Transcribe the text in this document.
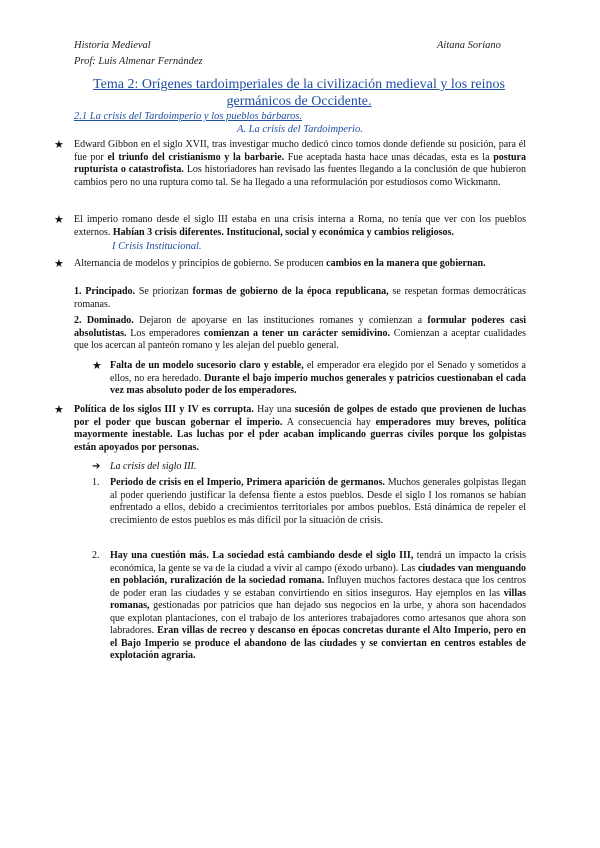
Historia Medieval
Prof: Luis Almenar Fernández
Aitana Soriano
Tema 2: Orígenes tardoimperiales de la civilización medieval y los reinos germánicos de Occidente.
2.1 La crisis del Tardoimperio y los pueblos bárbaros.
A. La crisis del Tardoimperio.
★ Edward Gibbon en el siglo XVII, tras investigar mucho dedicó cinco tomos donde defiende su posición, para él fue por el triunfo del cristianismo y la barbarie. Fue aceptada hasta hace unas décadas, esta es la postura rupturista o catastrofista. Los historiadores han revisado las fuentes llegando a la conclusión de que hubieron cambios pero no una ruptura como tal. Se ha llegado a una reformulación por estudiosos como Wickmann.
★ El imperio romano desde el siglo III estaba en una crisis interna a Roma, no tenía que ver con los pueblos externos. Habían 3 crisis diferentes. Institucional, social y económica y cambios religiosos.
I Crisis Institucional.
★ Alternancia de modelos y principios de gobierno. Se producen cambios en la manera que gobiernan.
1. Principado. Se priorizan formas de gobierno de la época republicana, se respetan formas democráticas romanas.
2. Dominado. Dejaron de apoyarse en las instituciones romanes y comienzan a formular poderes casi absolutistas. Los emperadores comienzan a tener un carácter semidivino. Comienzan a aceptar cualidades que los acercan al panteón romano y les alejan del pueblo general.
★ Falta de un modelo sucesorio claro y estable, el emperador era elegido por el Senado y sometidos a ellos, no era heredado. Durante el bajo imperio muchos generales y patricios cuestionaban el cada vez mas absoluto poder de los emperadores.
★ Política de los siglos III y IV es corrupta. Hay una sucesión de golpes de estado que provienen de luchas por el poder que buscan gobernar el imperio. A consecuencia hay emperadores muy breves, política mayormente inestable. Las luchas por el pder acaban implicando guerras civiles porque los golpistas están apoyados por personas.
➔ La crisis del siglo III.
1. Periodo de crisis en el Imperio, Primera aparición de germanos. Muchos generales golpistas llegan al poder queriendo justificar la defensa fiente a estos pueblos. Desde el siglo I los romanos se habían enfrentado a ellos, debido a crecimientos territoriales por ambos pueblos. Está dinámica de repeler el crecimiento de estos pueblos es más difícil por la situación de crisis.
2. Hay una cuestión más. La sociedad está cambiando desde el siglo III, tendrá un impacto la crisis económica, la gente se va de la ciudad a vivir al campo (éxodo urbano). Las ciudades van menguando en población, ruralización de la sociedad romana. Influyen muchos factores destaca que los centros de poder eran las ciudades y se estaban convirtiendo en sitios inseguros. Hay ejemplos en las villas romanas, gestionadas por patricios que han dejado sus negocios en la urbe, y ahora son hacendados que explotan plantaciones, con el trabajo de los anteriores trabajadores como artesanos que ahora son labradores. Eran villas de recreo y descanso en épocas concretas durante el Alto Imperio, pero en el Bajo Imperio se produce el abandono de las ciudades y se conviertan en centros estables de explotación agraria.
